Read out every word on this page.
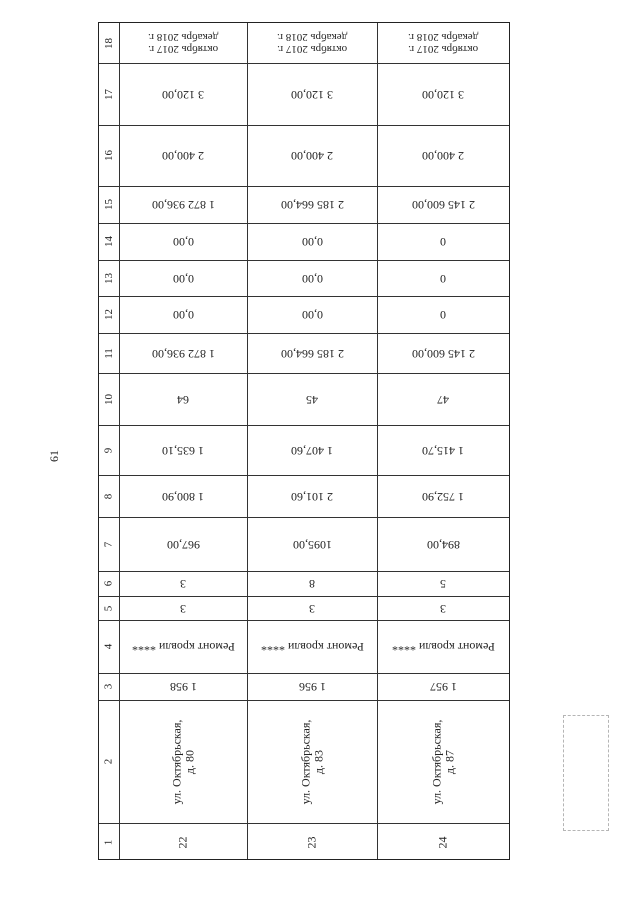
61
18
17
16
15
14
13
12
11
10
9
8
7
6
5
4
3
2
1
октябрь 2017 г.
декабрь 2018 г.
3 120,00
2 400,00
1 872 936,00
0,00
0,00
0,00
1 872 936,00
64
1 635,10
1 800,90
967,00
3
3
Ремонт кровли ****
1 958
ул. Октябрьская, д. 80
22
октябрь 2017 г.
декабрь 2018 г.
3 120,00
2 400,00
2 185 664,00
0,00
0,00
0,00
2 185 664,00
45
1 407,60
2 101,60
1095,00
8
3
Ремонт кровли ****
1 956
ул. Октябрьская, д. 83
23
октябрь 2017 г.
декабрь 2018 г.
3 120,00
2 400,00
2 145 600,00
0
0
0
2 145 600,00
47
1 415,70
1 752,90
894,00
5
3
Ремонт кровли ****
1 957
ул. Октябрьская, д. 87
24
